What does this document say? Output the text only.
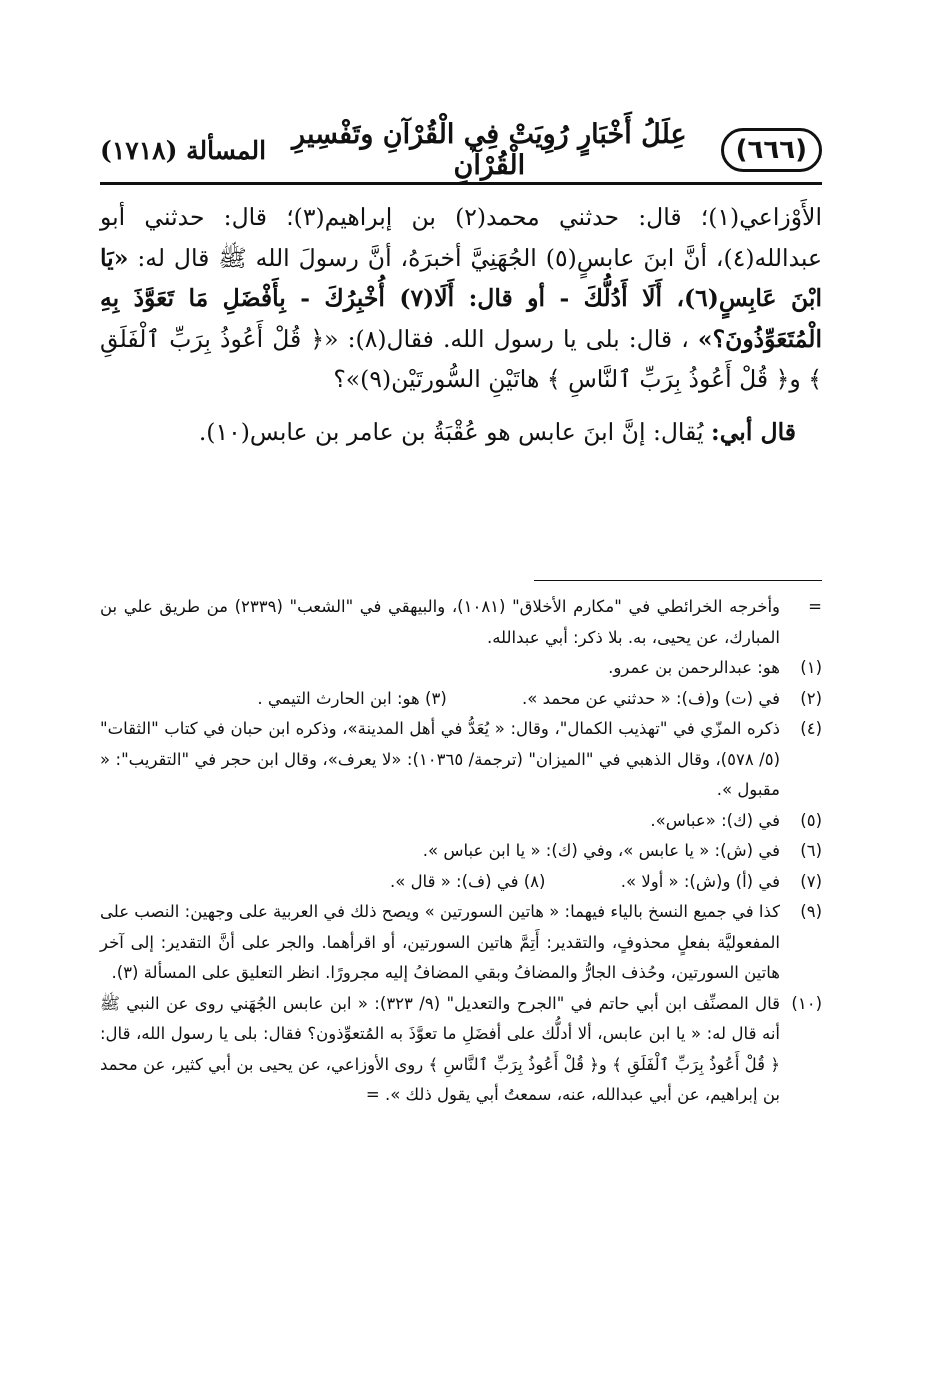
(٦٦٦)
عِلَلُ أَخْبَارٍ رُوِيَتْ فِي الْقُرْآنِ وتَفْسِيرِ الْقُرْآنِ
المسألة (١٧١٨)

الأَوْزاعي(١)؛ قال: حدثني محمد(٢) بن إبراهيم(٣)؛ قال: حدثني أبو عبدالله(٤)، أنَّ ابنَ عابسٍ(٥) الجُهَنِيَّ أخبرَهُ، أنَّ رسولَ الله ﷺ قال له: «يَا ابْنَ عَابِسٍ(٦)، أَلَا أَدُلُّكَ - أو قال: أَلَا(٧) أُخْبِرُكَ - بِأَفْضَلِ مَا تَعَوَّذَ بِهِ الْمُتَعَوِّذُونَ؟» ، قال: بلى يا رسول الله. فقال(٨): «﴿ قُلْ أَعُوذُ بِرَبِّ ٱلْفَلَقِ ﴾ و﴿ قُلْ أَعُوذُ بِرَبِّ ٱلنَّاسِ ﴾ هاتَيْنِ السُّورتَيْن(٩)»؟

قال أبي: يُقال: إنَّ ابنَ عابس هو عُقْبَةُ بن عامر بن عابس(١٠).
=
وأخرجه الخرائطي في "مكارم الأخلاق" (١٠٨١)، والبيهقي في "الشعب" (٢٣٣٩) من طريق علي بن المبارك، عن يحيى، به. بلا ذكر: أبي عبدالله.
(١)
هو: عبدالرحمن بن عمرو.
(٢)
في (ت) و(ف): « حدثني عن محمد ». (٣) هو: ابن الحارث التيمي .
(٤)
ذكره المزّي في "تهذيب الكمال"، وقال: « يُعَدُّ في أهل المدينة»، وذكره ابن حبان في كتاب "الثقات" (٥/ ٥٧٨)، وقال الذهبي في "الميزان" (ترجمة/ ١٠٣٦٥): «لا يعرف»، وقال ابن حجر في "التقريب": « مقبول ».
(٥)
في (ك): «عباس».
(٦)
في (ش): « يا عابس »، وفي (ك): « يا ابن عباس ».
(٧)
في (أ) و(ش): « أولا ». (٨) في (ف): « قال ».
(٩)
كذا في جميع النسخ بالياء فيهما: « هاتين السورتين » ويصح ذلك في العربية على وجهين: النصب على المفعوليَّة بفعلٍ محذوفٍ، والتقدير: أَتِمَّ هاتين السورتين، أو اقرأهما. والجر على أنَّ التقدير: إلى آخر هاتين السورتين، وحُذف الجارُّ والمضافُ وبقي المضافُ إليه مجرورًا. انظر التعليق على المسألة (٣).
(١٠)
قال المصنِّف ابن أبي حاتم في "الجرح والتعديل" (٩/ ٣٢٣): « ابن عابس الجُهَني روى عن النبي ﷺ أنه قال له: « يا ابن عابس، ألا أدلُّك على أفضَلِ ما تعوَّذَ به المُتعوِّذون؟ فقال: بلى يا رسول الله، قال: ﴿ قُلْ أَعُوذُ بِرَبِّ ٱلْفَلَقِ ﴾ و﴿ قُلْ أَعُوذُ بِرَبِّ ٱلنَّاسِ ﴾ روى الأوزاعي، عن يحيى بن أبي كثير، عن محمد بن إبراهيم، عن أبي عبدالله، عنه، سمعتُ أبي يقول ذلك ». =
